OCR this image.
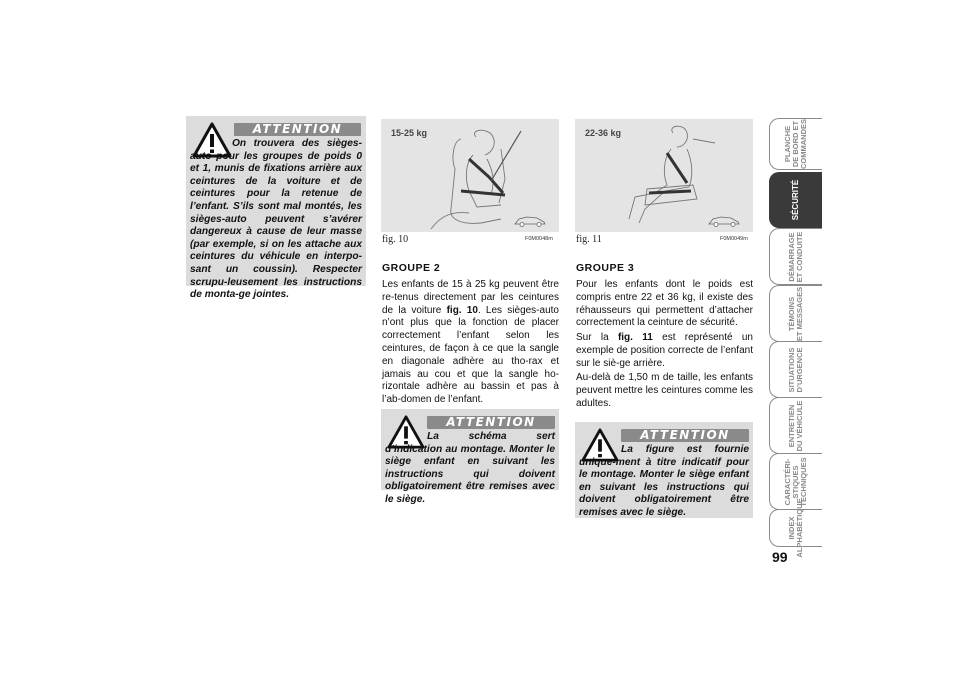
ATTENTION

On trouvera des sièges-auto pour les groupes de poids 0 et 1, munis de fixations arrière aux ceintures de la voiture et de ceintures pour la retenue de l’enfant. S’ils sont mal montés, les sièges-auto peuvent s’avérer dangereux à cause de leur masse (par exemple, si on les attache aux ceintures du véhicule en interpo-sant un coussin). Respecter scrupu-leusement les instructions de monta-ge jointes.

15-25 kg
fig. 10	F0M0048m
22-36 kg
fig. 11	F0M0049m
GROUPE 2

Les enfants de 15 à 25 kg peuvent être re-tenus directement par les ceintures de la voiture fig. 10. Les sièges-auto n’ont plus que la fonction de placer correctement l’enfant selon les ceintures, de façon à ce que la sangle en diagonale adhère au tho-rax et jamais au cou et que la sangle ho-rizontale adhère au bassin et pas à l’ab-domen de l’enfant.

ATTENTION

La schéma sert d’indication au montage. Monter le siège enfant en suivant les instructions qui doivent obligatoirement être remises avec le siège.

GROUPE 3

Pour les enfants dont le poids est compris entre 22 et 36 kg, il existe des réhausseurs qui permettent d’attacher correctement la ceinture de sécurité.

Sur la fig. 11 est représenté un exemple de position correcte de l’enfant sur le siè-ge arrière.

Au-delà de 1,50 m de taille, les enfants peuvent mettre les ceintures comme les adultes.

ATTENTION

La figure est fournie unique-ment à titre indicatif pour le montage. Monter le siège enfant en suivant les instructions qui doivent obligatoirement être remises avec le siège.

PLANCHE
DE BORD ET
COMMANDES
SÉCURITÉ
DÉMARRAGE
ET CONDUITE
TÉMOINS
ET MESSAGES
SITUATIONS
D’URGENCE
ENTRETIEN
DU VÉHICULE
CARACTÉRI-
STIQUES
TECHNIQUES
INDEX
ALPHABÉTIQUE
99
